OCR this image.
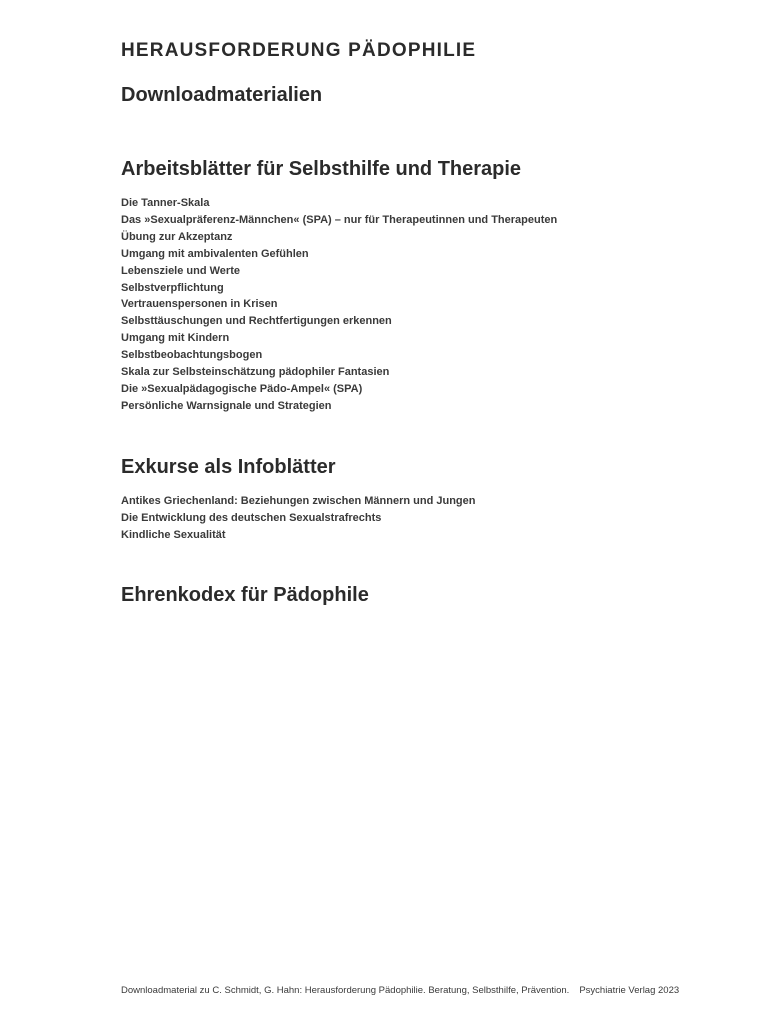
HERAUSFORDERUNG PÄDOPHILIE
Downloadmaterialien
Arbeitsblätter für Selbsthilfe und Therapie
Die Tanner-Skala
Das »Sexualpräferenz-Männchen« (SPA) – nur für Therapeutinnen und Therapeuten
Übung zur Akzeptanz
Umgang mit ambivalenten Gefühlen
Lebensziele und Werte
Selbstverpflichtung
Vertrauenspersonen in Krisen
Selbsttäuschungen und Rechtfertigungen erkennen
Umgang mit Kindern
Selbstbeobachtungsbogen
Skala zur Selbsteinschätzung pädophiler Fantasien
Die »Sexualpädagogische Pädo-Ampel« (SPA)
Persönliche Warnsignale und Strategien
Exkurse als Infoblätter
Antikes Griechenland: Beziehungen zwischen Männern und Jungen
Die Entwicklung des deutschen Sexualstrafrechts
Kindliche Sexualität
Ehrenkodex für Pädophile
Downloadmaterial zu C. Schmidt, G. Hahn: Herausforderung Pädophilie. Beratung, Selbsthilfe, Prävention. Psychiatrie Verlag 2023
